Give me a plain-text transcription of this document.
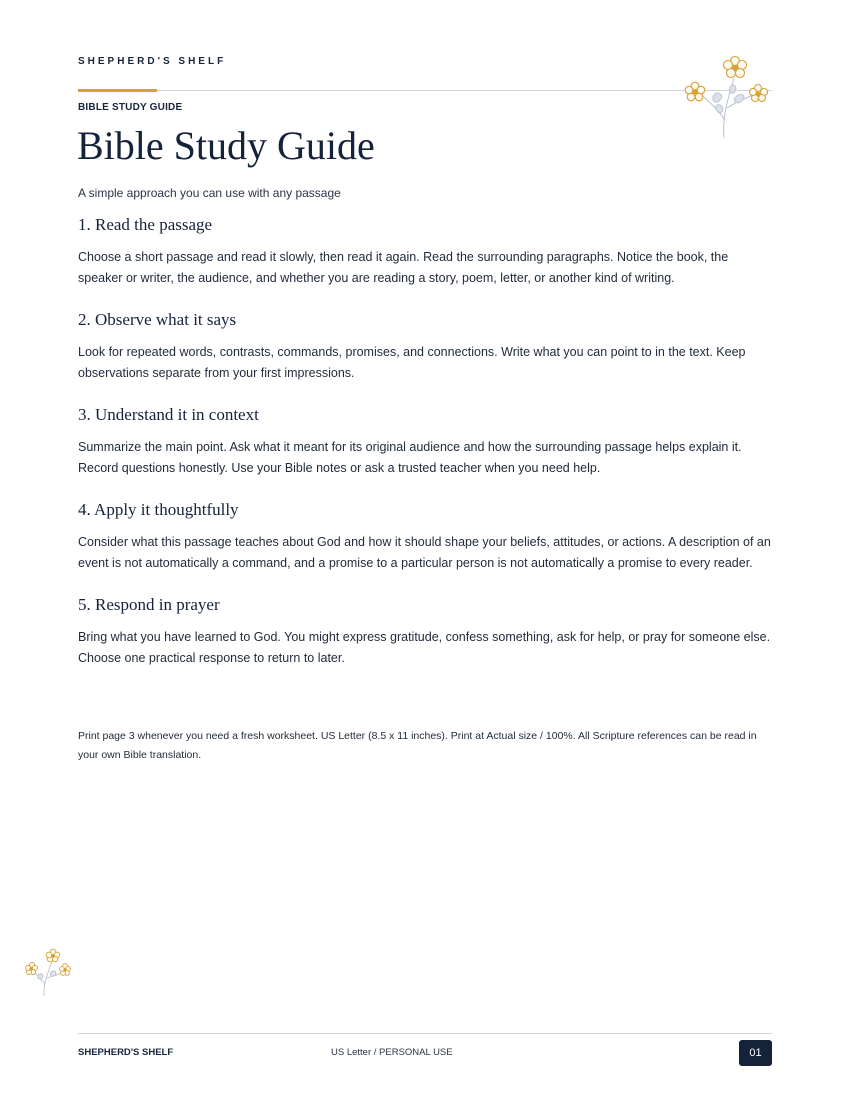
SHEPHERD'S SHELF
BIBLE STUDY GUIDE
Bible Study Guide
A simple approach you can use with any passage
1. Read the passage

Choose a short passage and read it slowly, then read it again. Read the surrounding paragraphs. Notice the book, the speaker or writer, the audience, and whether you are reading a story, poem, letter, or another kind of writing.

2. Observe what it says

Look for repeated words, contrasts, commands, promises, and connections. Write what you can point to in the text. Keep observations separate from your first impressions.

3. Understand it in context

Summarize the main point. Ask what it meant for its original audience and how the surrounding passage helps explain it. Record questions honestly. Use your Bible notes or ask a trusted teacher when you need help.

4. Apply it thoughtfully

Consider what this passage teaches about God and how it should shape your beliefs, attitudes, or actions. A description of an event is not automatically a command, and a promise to a particular person is not automatically a promise to every reader.

5. Respond in prayer

Bring what you have learned to God. You might express gratitude, confess something, ask for help, or pray for someone else. Choose one practical response to return to later.

Print page 3 whenever you need a fresh worksheet. US Letter (8.5 x 11 inches). Print at Actual size / 100%. All Scripture references can be read in your own Bible translation.
SHEPHERD'S SHELF	US Letter / PERSONAL USE	01
